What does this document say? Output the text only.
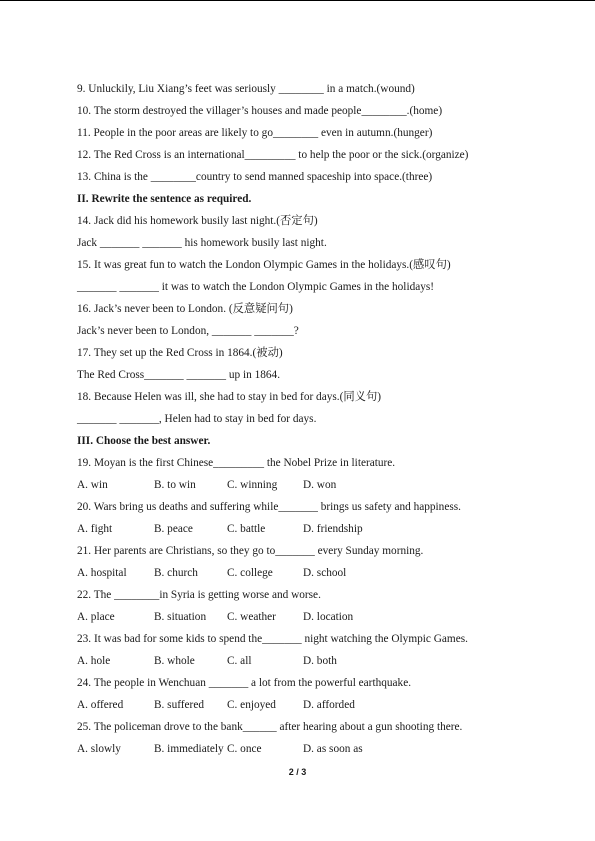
9. Unluckily, Liu Xiang’s feet was seriously ________ in a match.(wound)
10. The storm destroyed the villager’s houses and made people________.(home)
11. People in the poor areas are likely to go________ even in autumn.(hunger)
12. The Red Cross is an international_________ to help the poor or the sick.(organize)
13. China is the ________country to send manned spaceship into space.(three)
II. Rewrite the sentence as required.
14. Jack did his homework busily last night.(否定句)
Jack _______ _______ his homework busily last night.
15. It was great fun to watch the London Olympic Games in the holidays.(感叹句)
_______ _______ it was to watch the London Olympic Games in the holidays!
16. Jack’s never been to London. (反意疑问句)
Jack’s never been to London, _______ _______?
17. They set up the Red Cross in 1864.(被动)
The Red Cross_______ _______ up in 1864.
18. Because Helen was ill, she had to stay in bed for days.(同义句)
_______ _______, Helen had to stay in bed for days.
III. Choose the best answer.
19. Moyan is the first Chinese_________ the Nobel Prize in literature.
A. win	B. to win	C. winning D. won
20. Wars bring us deaths and suffering while_______ brings us safety and happiness.
A. fight	B. peace	C. battle	D. friendship
21. Her parents are Christians, so they go to_______ every Sunday morning.
A. hospital B. church	C. college	D. school
22. The ________in Syria is getting worse and worse.
A. place	B. situation C. weather D. location
23. It was bad for some kids to spend the_______ night watching the Olympic Games.
A. hole	B. whole	C. all	D. both
24. The people in Wenchuan _______ a lot from the powerful earthquake.
A. offered	B. suffered C. enjoyed D. afforded
25. The policeman drove to the bank______ after hearing about a gun shooting there.
A. slowly	B. immediately C. once	D. as soon as
2 / 3
